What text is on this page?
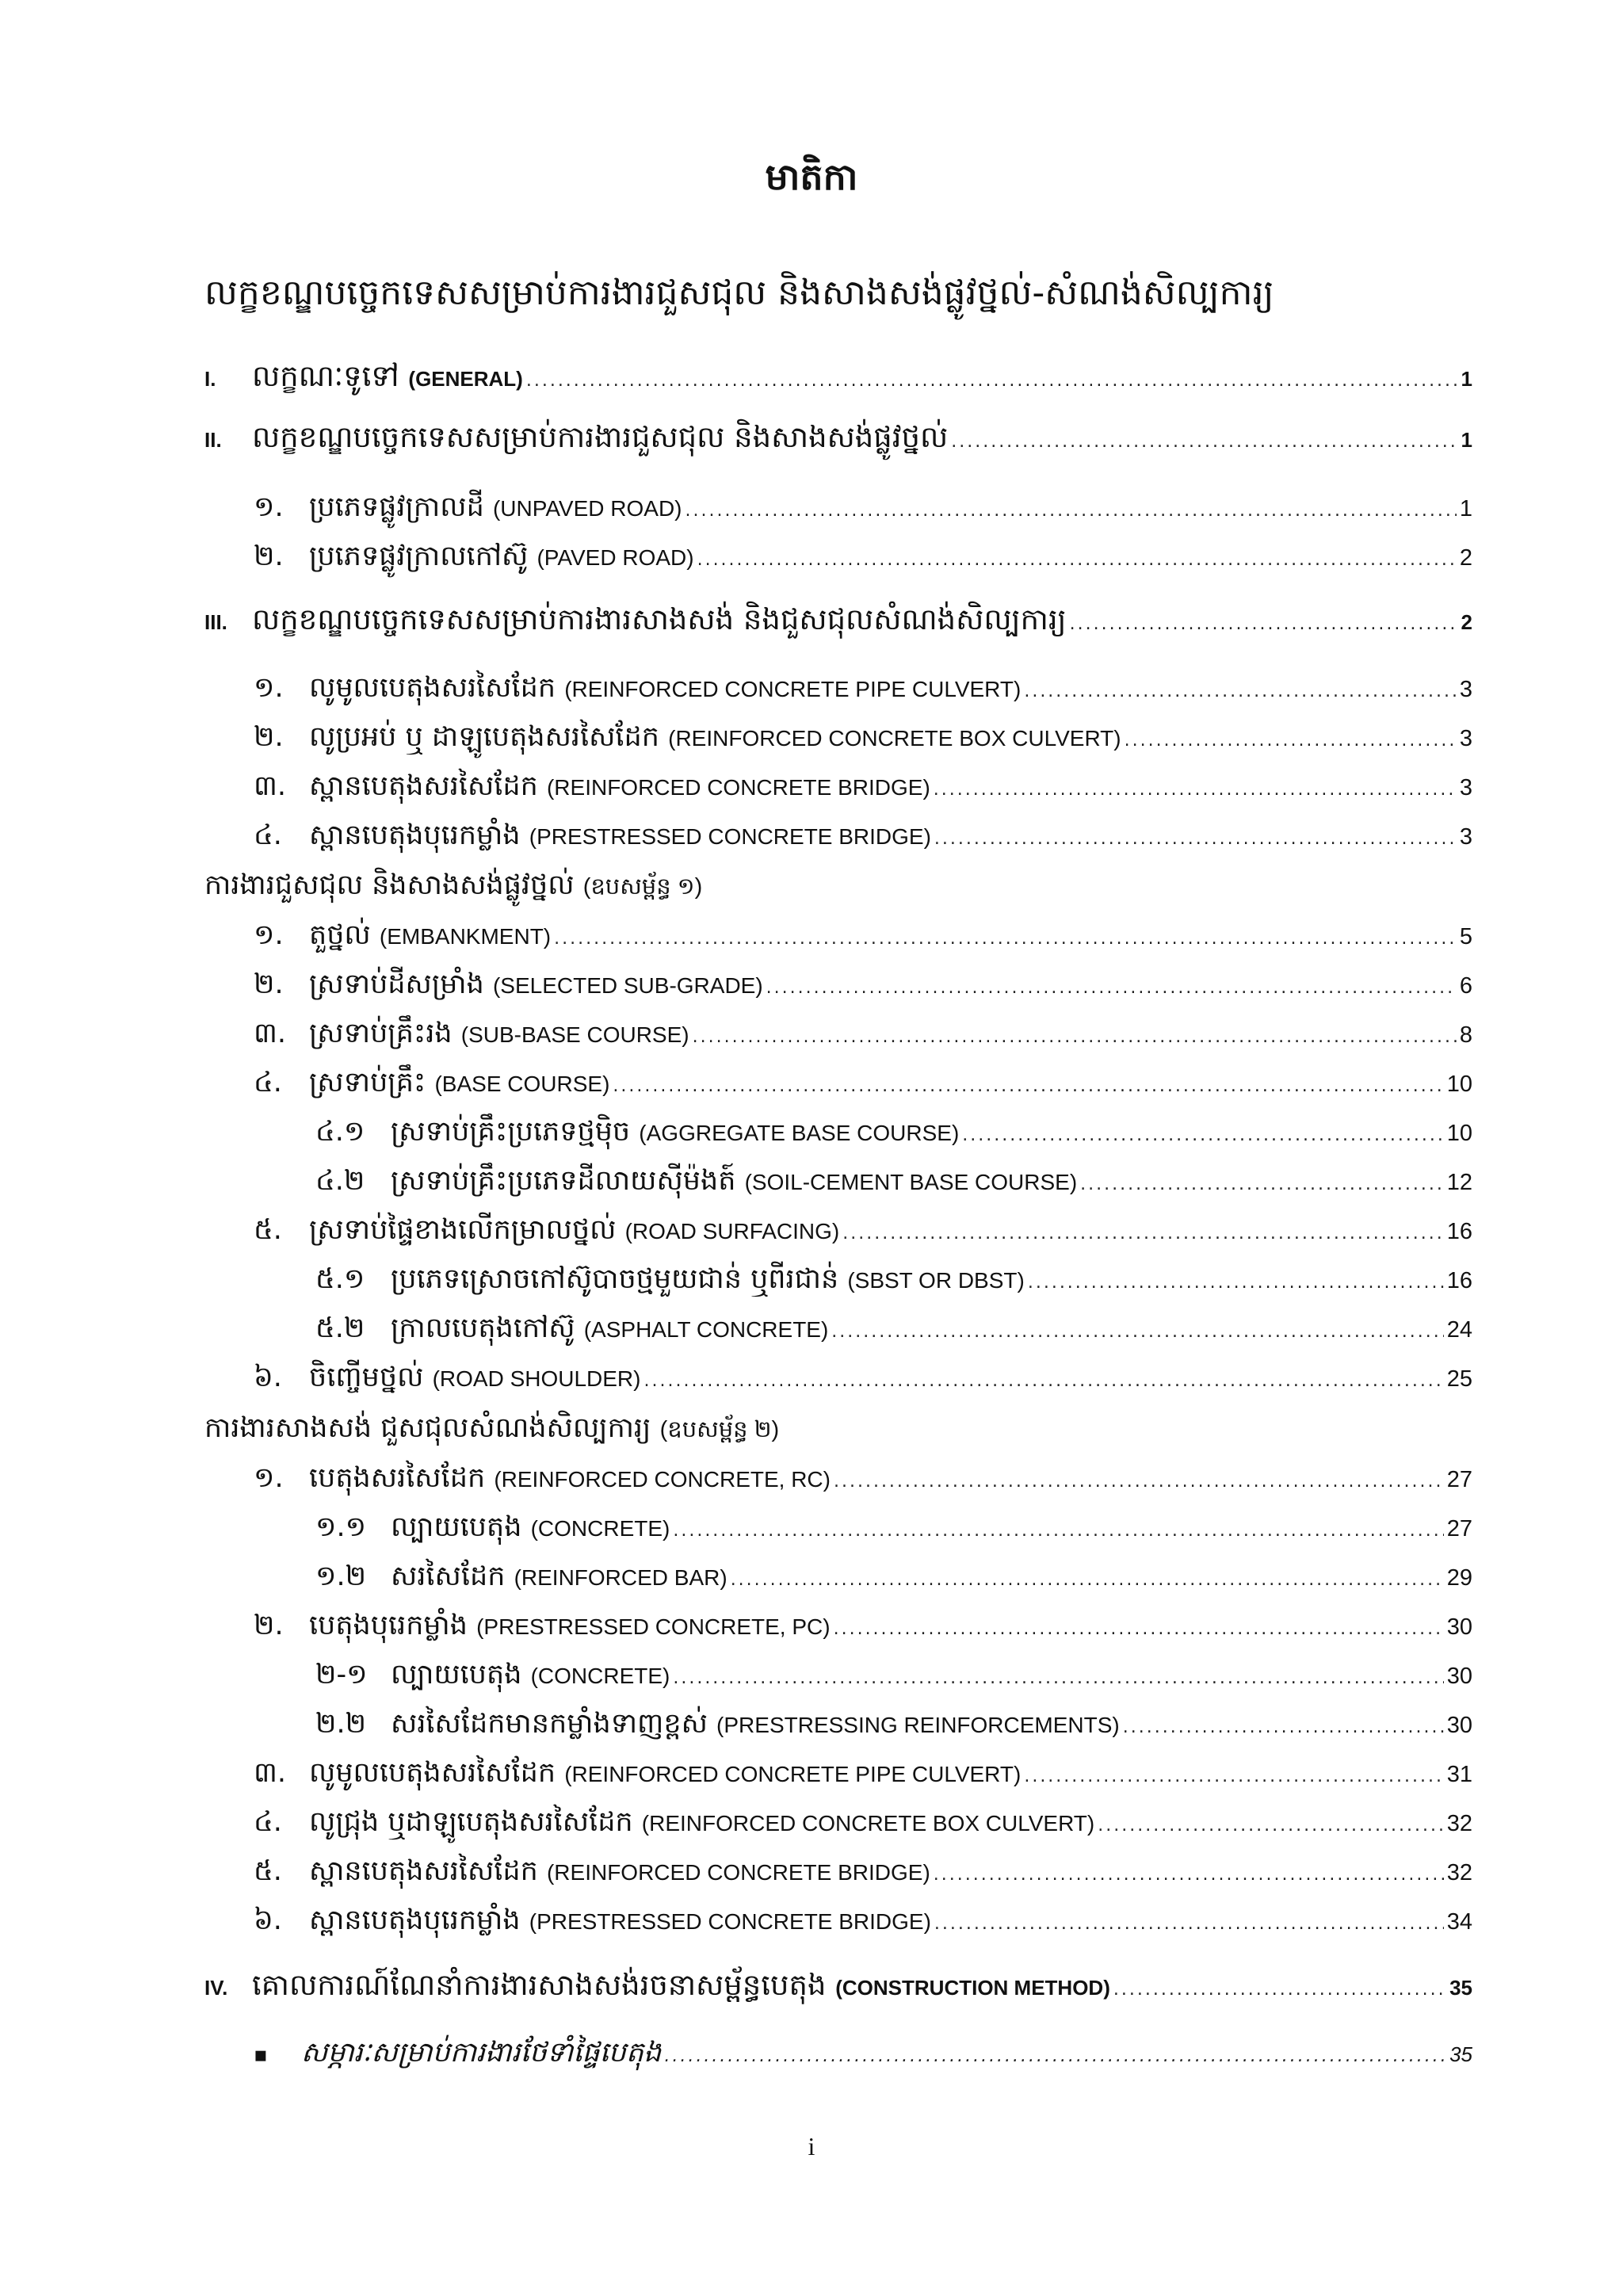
មាតិកា
លក្ខខណ្ឌបច្ចេកទេសសម្រាប់ការងារជួសជុល និងសាងសង់ផ្លូវថ្នល់-សំណង់សិល្បការ្យ
I.	លក្ខណៈទូទៅ (GENERAL) .....	1
II.	លក្ខខណ្ឌបច្ចេកទេសសម្រាប់ការងារជួសជុល និងសាងសង់ផ្លូវថ្នល់ .....	1
១. ប្រភេទផ្លូវក្រាលដី (UNPAVED ROAD) .....	1
២. ប្រភេទផ្លូវក្រាលកៅស៊ូ (PAVED ROAD) .....	2
III. លក្ខខណ្ឌបច្ចេកទេសសម្រាប់ការងារសាងសង់ និងជួសជុលសំណង់សិល្បការ្យ .....	2
១. លូមូលបេតុងសរសៃដែក (REINFORCED CONCRETE PIPE CULVERT) .....	3
២. លូប្រអប់ ឬ ដាឡូបេតុងសរសៃដែក (REINFORCED CONCRETE BOX CULVERT) .....	3
៣. ស្ពានបេតុងសរសៃដែក (REINFORCED CONCRETE BRIDGE) .....	3
៤. ស្ពានបេតុងបុរេកម្លាំង (PRESTRESSED CONCRETE BRIDGE) .....	3
ការងារជួសជុល និងសាងសង់ផ្លូវថ្នល់ (ឧបសម្ព័ន្ធ ១)
១. តួថ្នល់ (EMBANKMENT) .....	5
២. ស្រទាប់ដីសម្រាំង (SELECTED SUB-GRADE) .....	6
៣. ស្រទាប់គ្រឹះរង (SUB-BASE COURSE) .....	8
៤. ស្រទាប់គ្រឹះ (BASE COURSE) .....	10
៤.១ ស្រទាប់គ្រឹះប្រភេទថ្មម៉ិច (AGGREGATE BASE COURSE) .....	10
៤.២ ស្រទាប់គ្រឹះប្រភេទដីលាយស៊ីម៉ងត៍ (SOIL-CEMENT BASE COURSE) .....	12
៥. ស្រទាប់ផ្ទៃខាងលើកម្រាលថ្នល់ (ROAD SURFACING) .....	16
៥.១ ប្រភេទស្រោចកៅស៊ូបាចថ្មមួយជាន់ ឬពីរជាន់ (SBST OR DBST) .....	16
៥.២ ក្រាលបេតុងកៅស៊ូ (ASPHALT CONCRETE) .....	24
៦. ចិញ្ចើមថ្នល់ (ROAD SHOULDER) .....	25
ការងារសាងសង់ ជួសជុលសំណង់សិល្បការ្យ (ឧបសម្ព័ន្ធ ២)
១. បេតុងសរសៃដែក (REINFORCED CONCRETE, RC) .....	27
១.១ ល្បាយបេតុង (CONCRETE) .....	27
១.២ សរសៃដែក (REINFORCED BAR) .....	29
២. បេតុងបុរេកម្លាំង (PRESTRESSED CONCRETE, PC) .....	30
២-១ ល្បាយបេតុង (CONCRETE) .....	30
២.២ សរសៃដែកមានកម្លាំងទាញខ្ពស់ (PRESTRESSING REINFORCEMENTS) .....	30
៣. លូមូលបេតុងសរសៃដែក (REINFORCED CONCRETE PIPE CULVERT) .....	31
៤. លូជ្រុង ឬដាឡូបេតុងសរសៃដែក (REINFORCED CONCRETE BOX CULVERT) .....	32
៥. ស្ពានបេតុងសរសៃដែក (REINFORCED CONCRETE BRIDGE) .....	32
៦. ស្ពានបេតុងបុរេកម្លាំង (PRESTRESSED CONCRETE BRIDGE) .....	34
IV. គោលការណ៍ណែនាំការងារសាងសង់រចនាសម្ព័ន្ធបេតុង (CONSTRUCTION METHOD) .....	35
▪	សម្ភារៈសម្រាប់ការងារថែទាំផ្ទៃបេតុង .....	35
i
